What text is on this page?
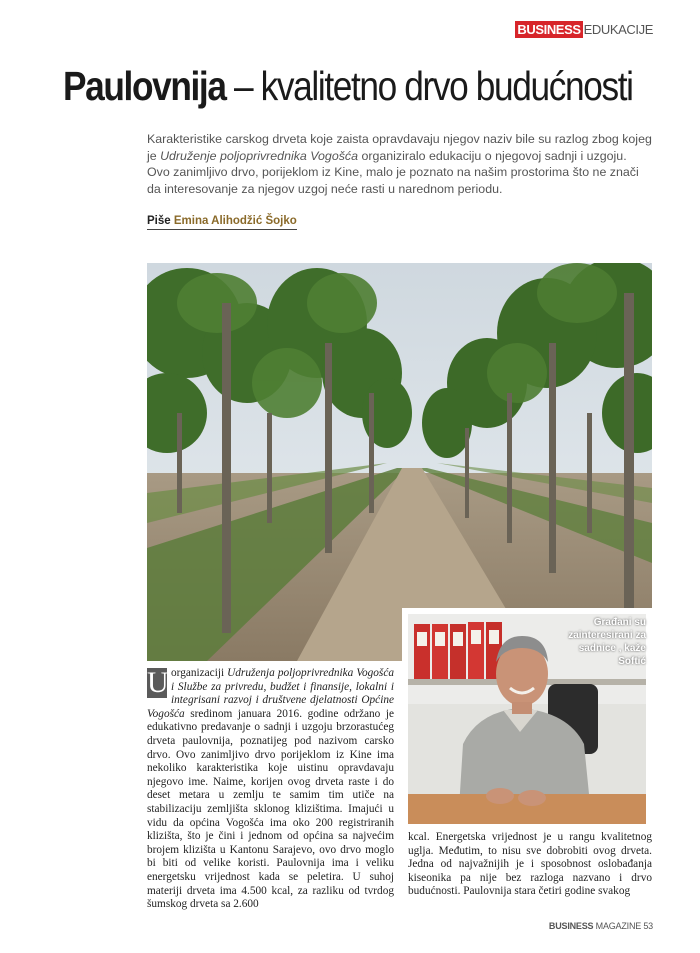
BUSINESS EDUKACIJE
Paulovnija – kvalitetno drvo budućnosti

Karakteristike carskog drveta koje zaista opravdavaju njegov naziv bile su razlog zbog kojeg je Udruženje poljoprivrednika Vogošća organiziralo edukaciju o njegovoj sadnji i uzgoju. Ovo zanimljivo drvo, porijeklom iz Kine, malo je poznato na našim prostorima što ne znači da interesovanje za njegov uzgoj neće rasti u narednom periodu.

Piše Emina Alihodžić Šojko
Građani su zainteresirani za sadnice , kaže Softić
U organizaciji Udruženja poljoprivrednika Vogošća i Službe za privredu, budžet i finansije, lokalni i integrisani razvoj i društvene djelatnosti Općine Vogošća sredinom januara 2016. godine održano je edukativno predavanje o sadnji i uzgoju brzorastućeg drveta paulovnija, poznatijeg pod nazivom carsko drvo. Ovo zanimljivo drvo porijeklom iz Kine ima nekoliko karakteristika koje uistinu opravdavaju njegovo ime. Naime, korijen ovog drveta raste i do deset metara u zemlju te samim tim utiče na stabilizaciju zemljišta sklonog klizištima. Imajući u vidu da općina Vogošća ima oko 200 registriranih klizišta, što je čini i jednom od općina sa najvećim brojem klizišta u Kantonu Sarajevo, ovo drvo moglo bi biti od velike koristi. Paulovnija ima i veliku energetsku vrijednost kada se peletira. U suhoj materiji drveta ima 4.500 kcal, za razliku od tvrdog šumskog drveta sa 2.600
kcal. Energetska vrijednost je u rangu kvalitetnog uglja. Međutim, to nisu sve dobrobiti ovog drveta. Jedna od najvažnijih je i sposobnost oslobađanja kiseonika pa nije bez razloga nazvano i drvo budućnosti. Paulovnija stara četiri godine svakog
BUSINESS MAGAZINE 53
